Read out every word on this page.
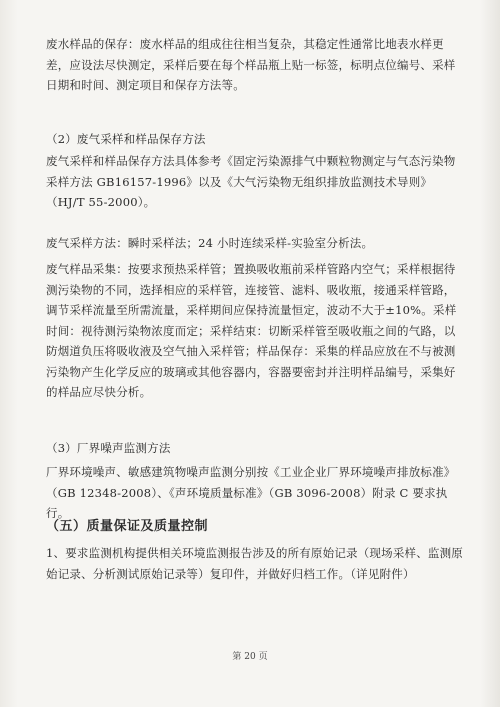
废水样品的保存：废水样品的组成往往相当复杂，其稳定性通常比地表水样更差，应设法尽快测定，采样后要在每个样品瓶上贴一标签，标明点位编号、采样日期和时间、测定项目和保存方法等。
（2）废气采样和样品保存方法
废气采样和样品保存方法具体参考《固定污染源排气中颗粒物测定与气态污染物采样方法 GB16157-1996》以及《大气污染物无组织排放监测技术导则》（HJ/T 55-2000）。
废气采样方法：瞬时采样法；24 小时连续采样-实验室分析法。
废气样品采集：按要求预热采样管；置换吸收瓶前采样管路内空气；采样根据待测污染物的不同，选择相应的采样管，连接管、滤料、吸收瓶，接通采样管路，调节采样流量至所需流量，采样期间应保持流量恒定，波动不大于±10%。采样时间：视待测污染物浓度而定；采样结束：切断采样管至吸收瓶之间的气路，以防烟道负压将吸收液及空气抽入采样管；样品保存：采集的样品应放在不与被测污染物产生化学反应的玻璃或其他容器内，容器要密封并注明样品编号，采集好的样品应尽快分析。
（3）厂界噪声监测方法
厂界环境噪声、敏感建筑物噪声监测分别按《工业企业厂界环境噪声排放标准》（GB 12348-2008）、《声环境质量标准》（GB 3096-2008）附录 C 要求执行。
（五）质量保证及质量控制
1、要求监测机构提供相关环境监测报告涉及的所有原始记录（现场采样、监测原始记录、分析测试原始记录等）复印件，并做好归档工作。（详见附件）
第 20 页
